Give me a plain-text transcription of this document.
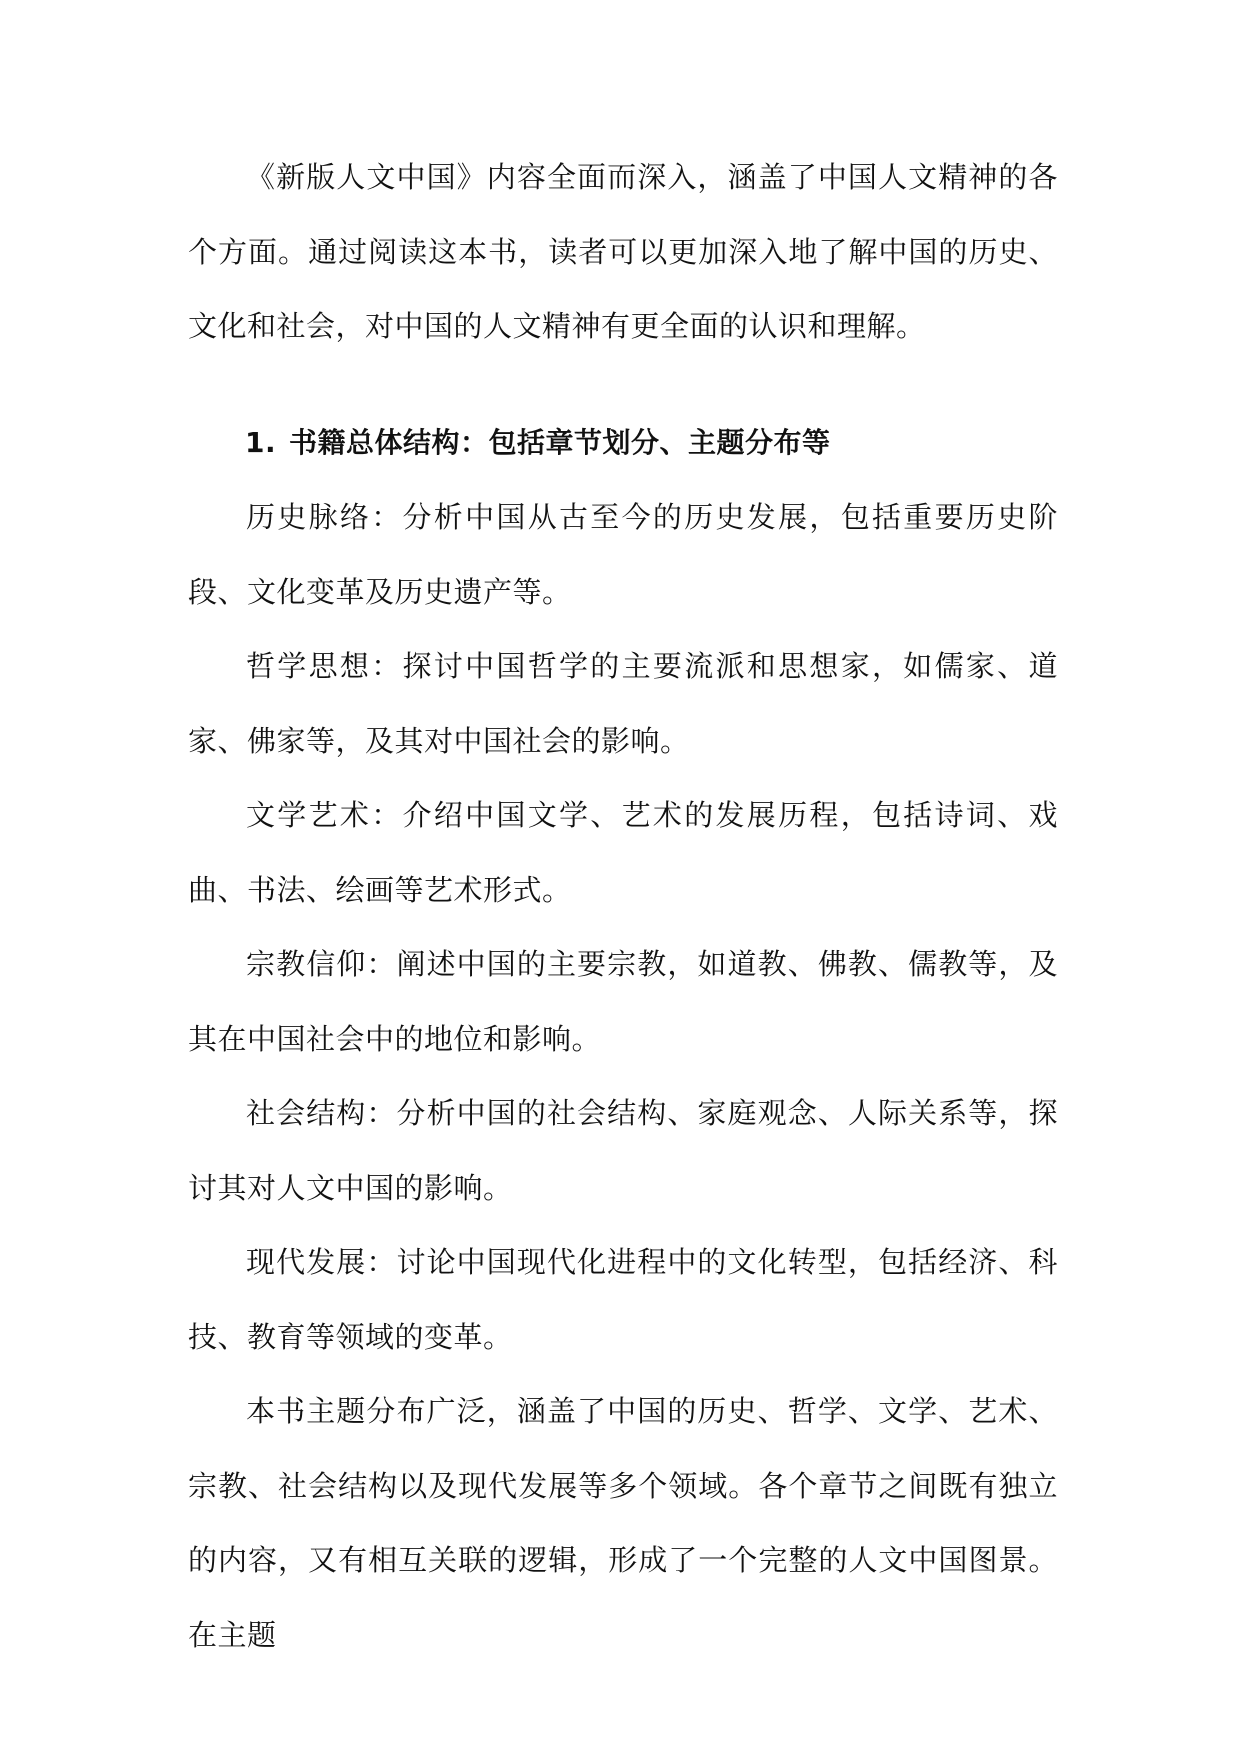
《新版人文中国》内容全面而深入，涵盖了中国人文精神的各个方面。通过阅读这本书，读者可以更加深入地了解中国的历史、文化和社会，对中国的人文精神有更全面的认识和理解。

1. 书籍总体结构：包括章节划分、主题分布等

历史脉络：分析中国从古至今的历史发展，包括重要历史阶段、文化变革及历史遗产等。

哲学思想：探讨中国哲学的主要流派和思想家，如儒家、道家、佛家等，及其对中国社会的影响。

文学艺术：介绍中国文学、艺术的发展历程，包括诗词、戏曲、书法、绘画等艺术形式。

宗教信仰：阐述中国的主要宗教，如道教、佛教、儒教等，及其在中国社会中的地位和影响。

社会结构：分析中国的社会结构、家庭观念、人际关系等，探讨其对人文中国的影响。

现代发展：讨论中国现代化进程中的文化转型，包括经济、科技、教育等领域的变革。

本书主题分布广泛，涵盖了中国的历史、哲学、文学、艺术、宗教、社会结构以及现代发展等多个领域。各个章节之间既有独立的内容，又有相互关联的逻辑，形成了一个完整的人文中国图景。在主题
